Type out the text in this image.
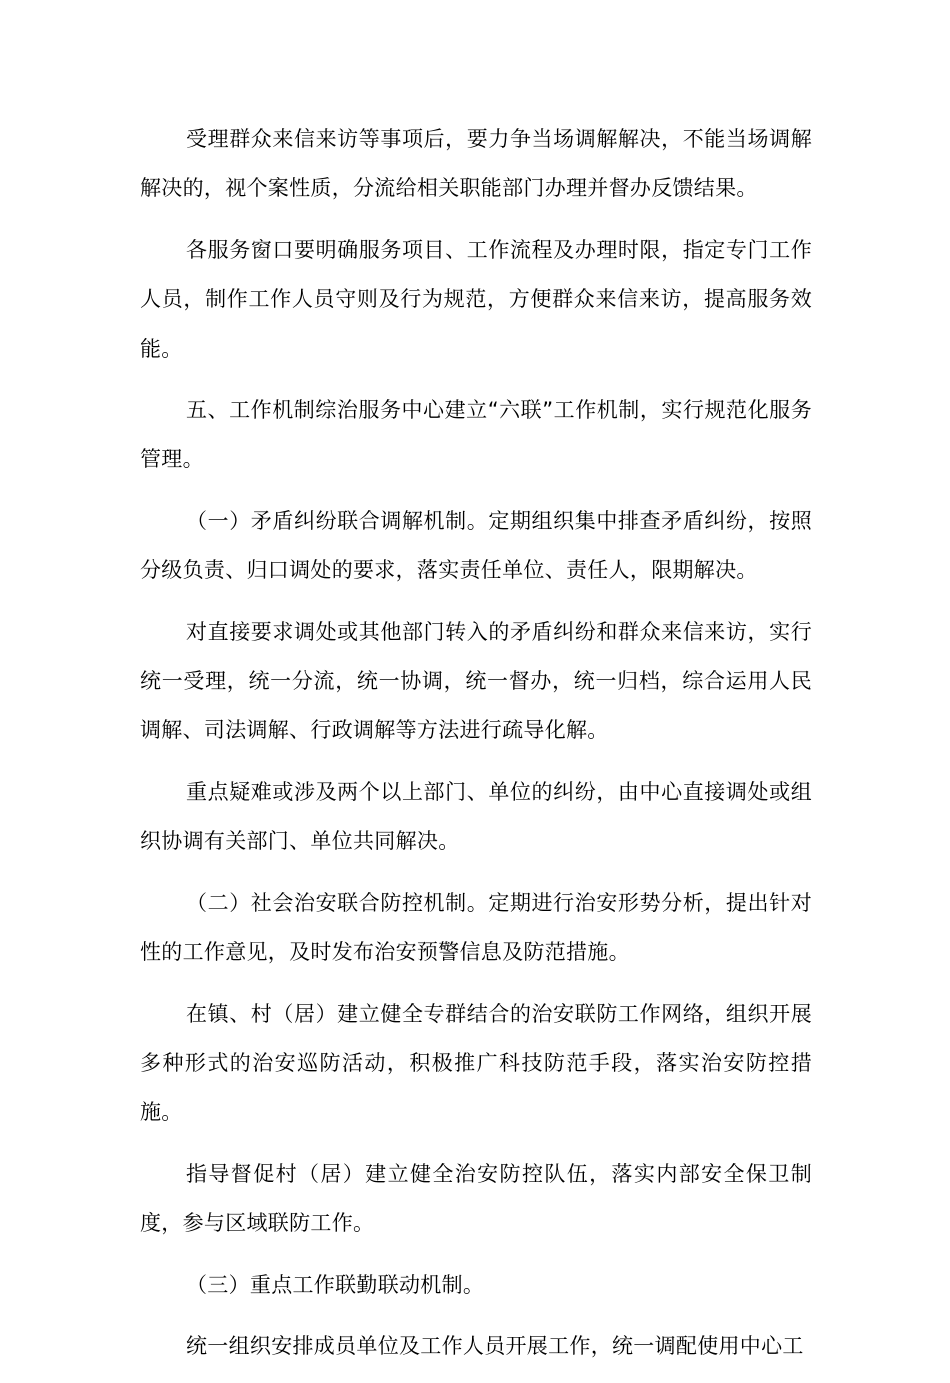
受理群众来信来访等事项后，要力争当场调解解决，不能当场调解解决的，视个案性质，分流给相关职能部门办理并督办反馈结果。

各服务窗口要明确服务项目、工作流程及办理时限，指定专门工作人员，制作工作人员守则及行为规范，方便群众来信来访，提高服务效能。

五、工作机制综治服务中心建立“六联”工作机制，实行规范化服务管理。

（一）矛盾纠纷联合调解机制。定期组织集中排查矛盾纠纷，按照分级负责、归口调处的要求，落实责任单位、责任人，限期解决。

对直接要求调处或其他部门转入的矛盾纠纷和群众来信来访，实行统一受理，统一分流，统一协调，统一督办，统一归档，综合运用人民调解、司法调解、行政调解等方法进行疏导化解。

重点疑难或涉及两个以上部门、单位的纠纷，由中心直接调处或组织协调有关部门、单位共同解决。

（二）社会治安联合防控机制。定期进行治安形势分析，提出针对性的工作意见，及时发布治安预警信息及防范措施。

在镇、村（居）建立健全专群结合的治安联防工作网络，组织开展多种形式的治安巡防活动，积极推广科技防范手段，落实治安防控措施。

指导督促村（居）建立健全治安防控队伍，落实内部安全保卫制度，参与区域联防工作。

（三）重点工作联勤联动机制。

统一组织安排成员单位及工作人员开展工作，统一调配使用中心工
